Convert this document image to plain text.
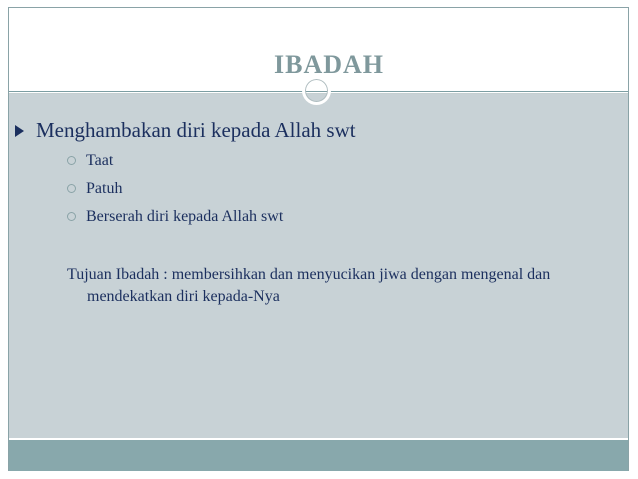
IBADAH
Menghambakan diri kepada Allah swt
Taat
Patuh
Berserah diri kepada Allah swt
Tujuan Ibadah : membersihkan dan menyucikan jiwa dengan mengenal dan mendekatkan diri kepada-Nya
